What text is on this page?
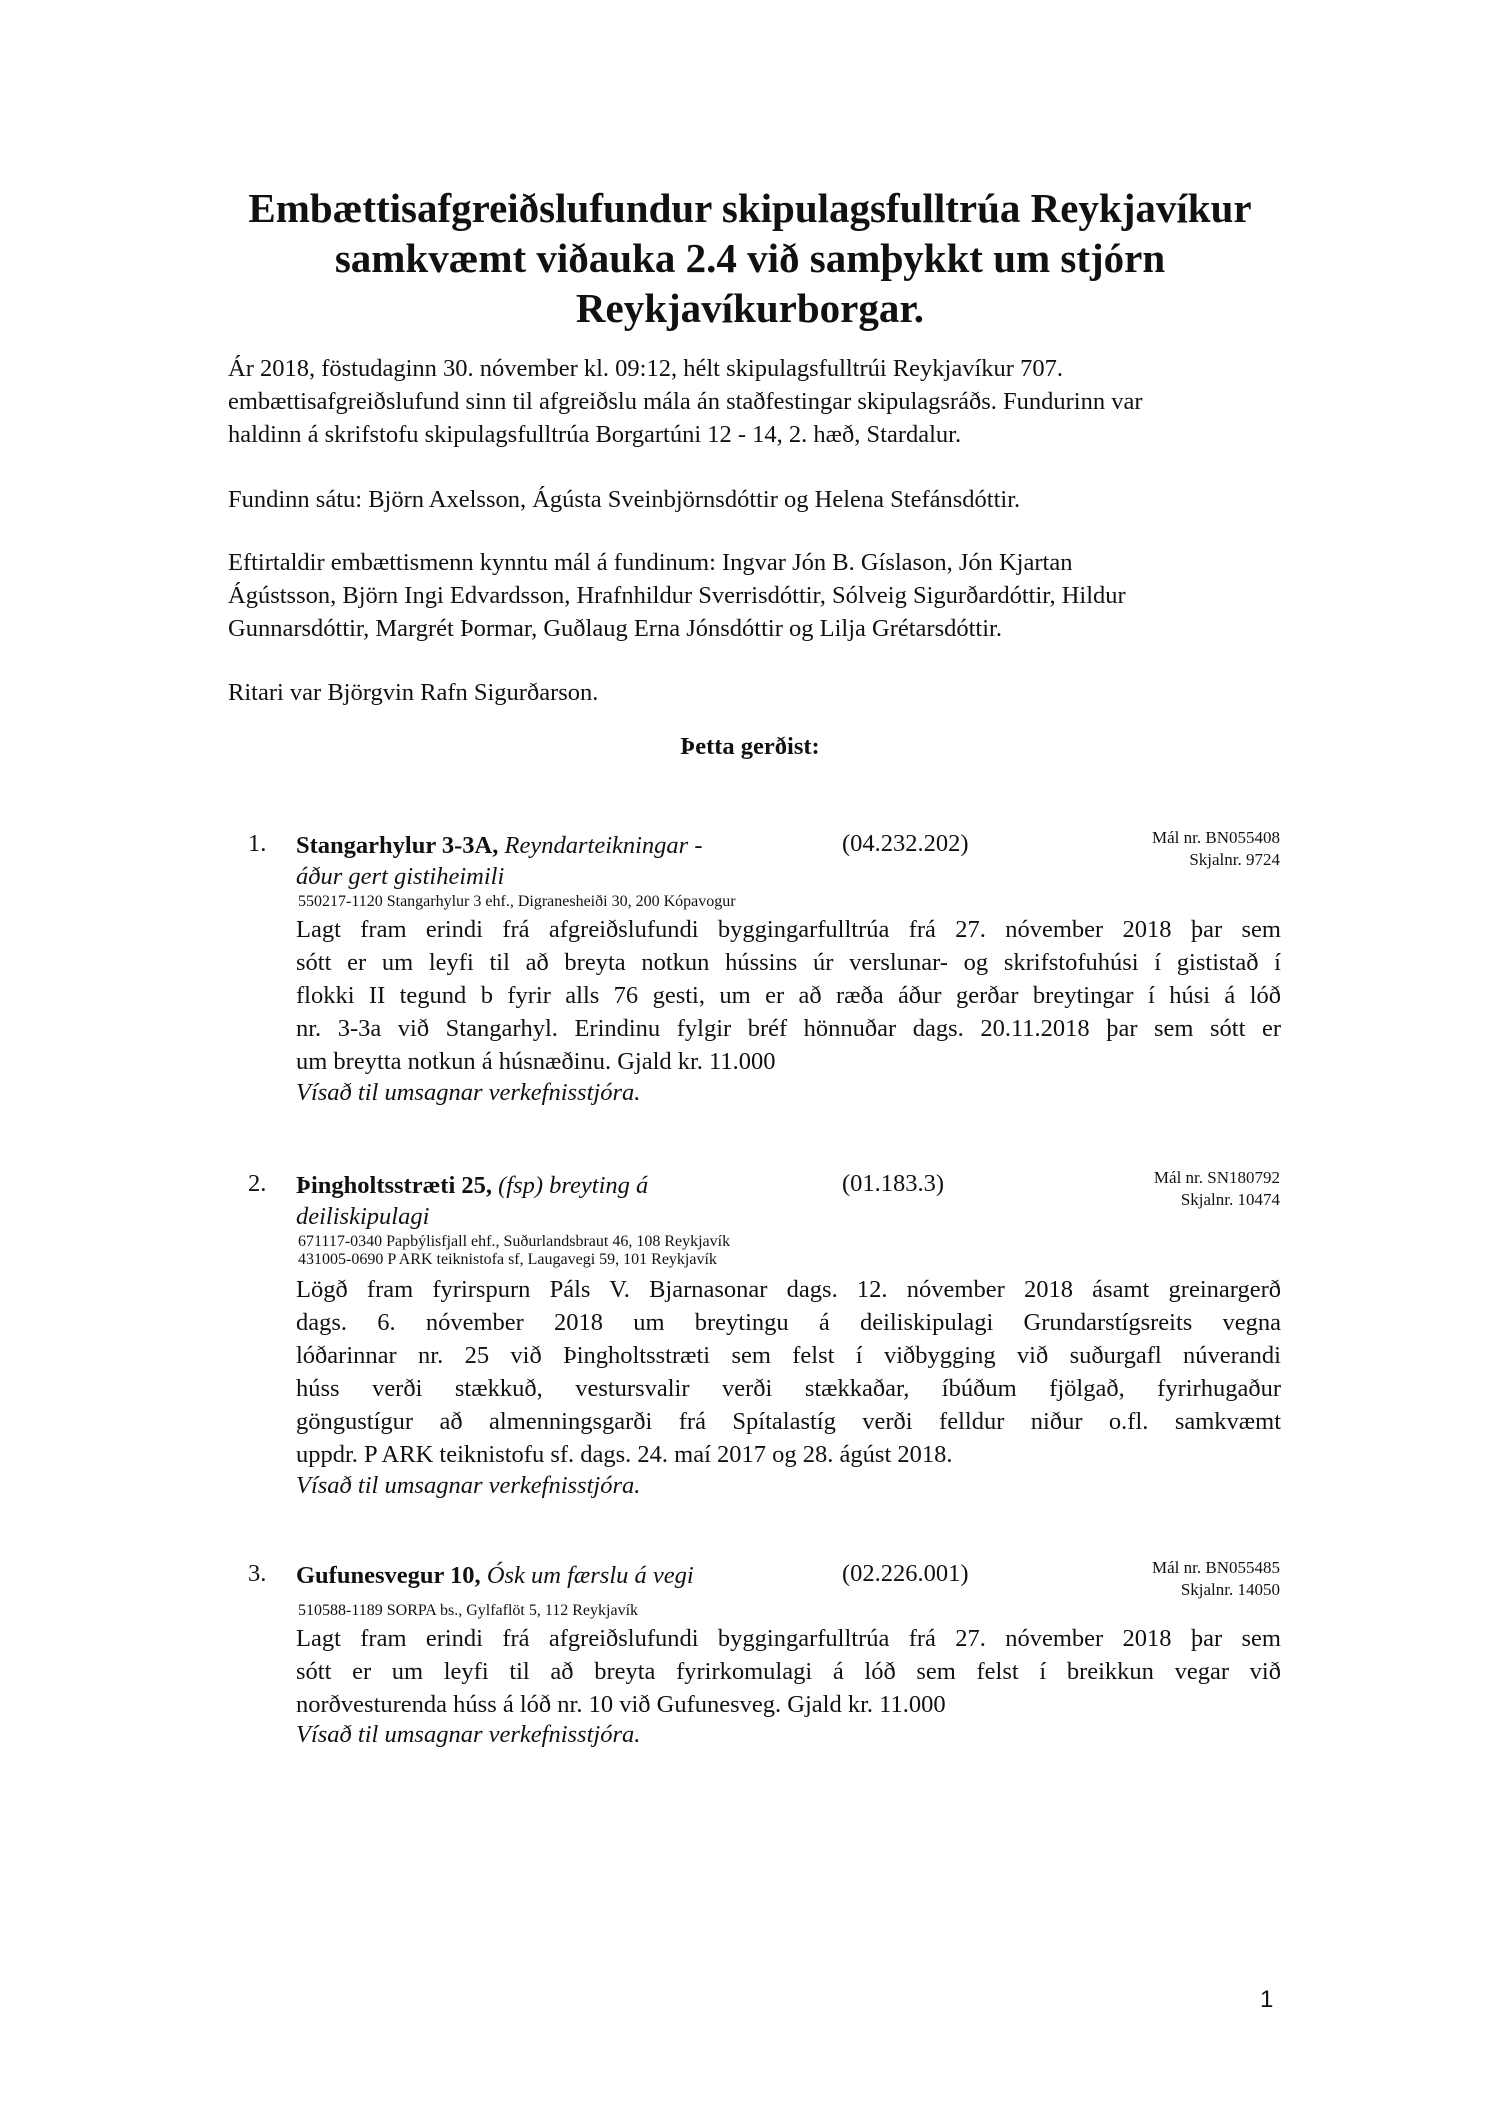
Embættisafgreiðslufundur skipulagsfulltrúa Reykjavíkur
samkvæmt viðauka 2.4 við samþykkt um stjórn
Reykjavíkurborgar.
Ár 2018, föstudaginn 30. nóvember kl. 09:12, hélt skipulagsfulltrúi Reykjavíkur 707.
embættisafgreiðslufund sinn til afgreiðslu mála án staðfestingar skipulagsráðs. Fundurinn var
haldinn á skrifstofu skipulagsfulltrúa Borgartúni 12 - 14, 2. hæð, Stardalur.
Fundinn sátu: Björn Axelsson, Ágústa Sveinbjörnsdóttir og Helena Stefánsdóttir.
Eftirtaldir embættismenn kynntu mál á fundinum: Ingvar Jón B. Gíslason, Jón Kjartan
Ágústsson, Björn Ingi Edvardsson, Hrafnhildur Sverrisdóttir, Sólveig Sigurðardóttir, Hildur
Gunnarsdóttir, Margrét Þormar, Guðlaug Erna Jónsdóttir og Lilja Grétarsdóttir.
Ritari var Björgvin Rafn Sigurðarson.
Þetta gerðist:
1. Stangarhylur 3-3A, Reyndarteikningar -
áður gert gistiheimili
(04.232.202)	Mál nr. BN055408
Skjalnr. 9724
550217-1120 Stangarhylur 3 ehf., Digranesheiði 30, 200 Kópavogur
Lagt fram erindi frá afgreiðslufundi byggingarfulltrúa frá 27. nóvember 2018 þar sem
sótt er um leyfi til að breyta notkun hússins úr verslunar- og skrifstofuhúsi í gististað í
flokki II tegund b fyrir alls 76 gesti, um er að ræða áður gerðar breytingar í húsi á lóð
nr. 3-3a við Stangarhyl. Erindinu fylgir bréf hönnuðar dags. 20.11.2018 þar sem sótt er
um breytta notkun á húsnæðinu. Gjald kr. 11.000
Vísað til umsagnar verkefnisstjóra.
2. Þingholtsstræti 25, (fsp) breyting á
deiliskipulagi
(01.183.3)	Mál nr. SN180792
Skjalnr. 10474
671117-0340 Papbýlisfjall ehf., Suðurlandsbraut 46, 108 Reykjavík
431005-0690 P ARK teiknistofa sf, Laugavegi 59, 101 Reykjavík
Lögð fram fyrirspurn Páls V. Bjarnasonar dags. 12. nóvember 2018 ásamt greinargerð
dags. 6. nóvember 2018 um breytingu á deiliskipulagi Grundarstígsreits vegna
lóðarinnar nr. 25 við Þingholtsstræti sem felst í viðbygging við suðurgafl núverandi
húss verði stækkuð, vestursvalir verði stækkaðar, íbúðum fjölgað, fyrirhugaður
göngustígur að almenningsgarði frá Spítalastíg verði felldur niður o.fl. samkvæmt
uppdr. P ARK teiknistofu sf. dags. 24. maí 2017 og 28. ágúst 2018.
Vísað til umsagnar verkefnisstjóra.
3. Gufunesvegur 10, Ósk um færslu á vegi	(02.226.001)	Mál nr. BN055485
Skjalnr. 14050
510588-1189 SORPA bs., Gylfaflöt 5, 112 Reykjavík
Lagt fram erindi frá afgreiðslufundi byggingarfulltrúa frá 27. nóvember 2018 þar sem
sótt er um leyfi til að breyta fyrirkomulagi á lóð sem felst í breikkun vegar við
norðvesturenda húss á lóð nr. 10 við Gufunesveg. Gjald kr. 11.000
Vísað til umsagnar verkefnisstjóra.
1
